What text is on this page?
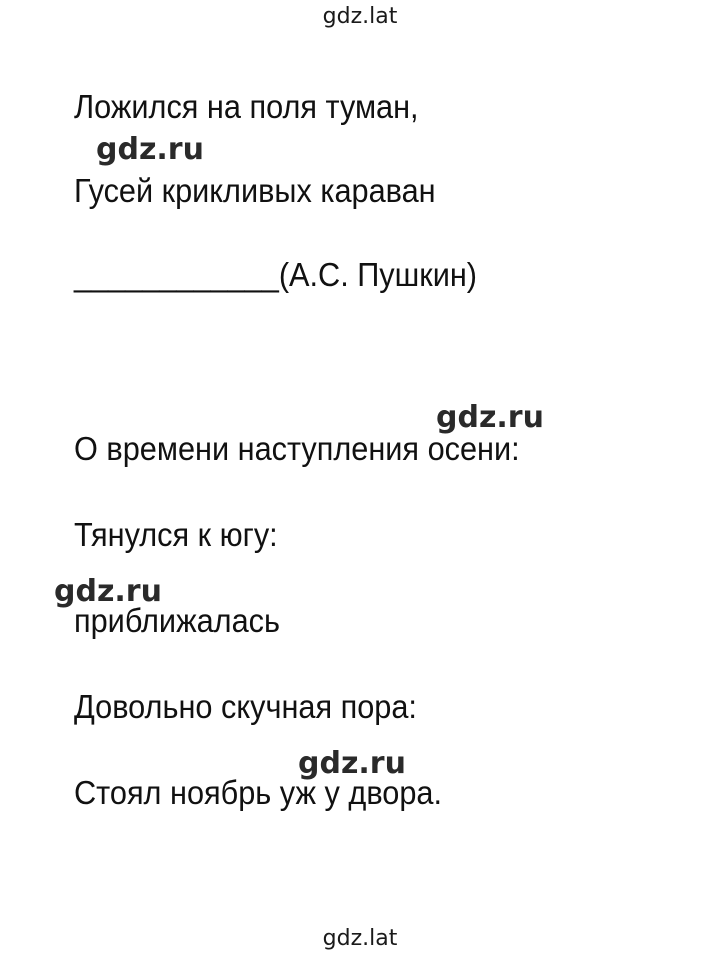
gdz.lat
Ложился на поля туман,
gdz.ru
Гусей крикливых караван
____________(А.С. Пушкин)
gdz.ru
О времени наступления осени:
Тянулся к югу:
gdz.ru
приближалась
Довольно скучная пора:
gdz.ru
Стоял ноябрь уж у двора.
gdz.lat
